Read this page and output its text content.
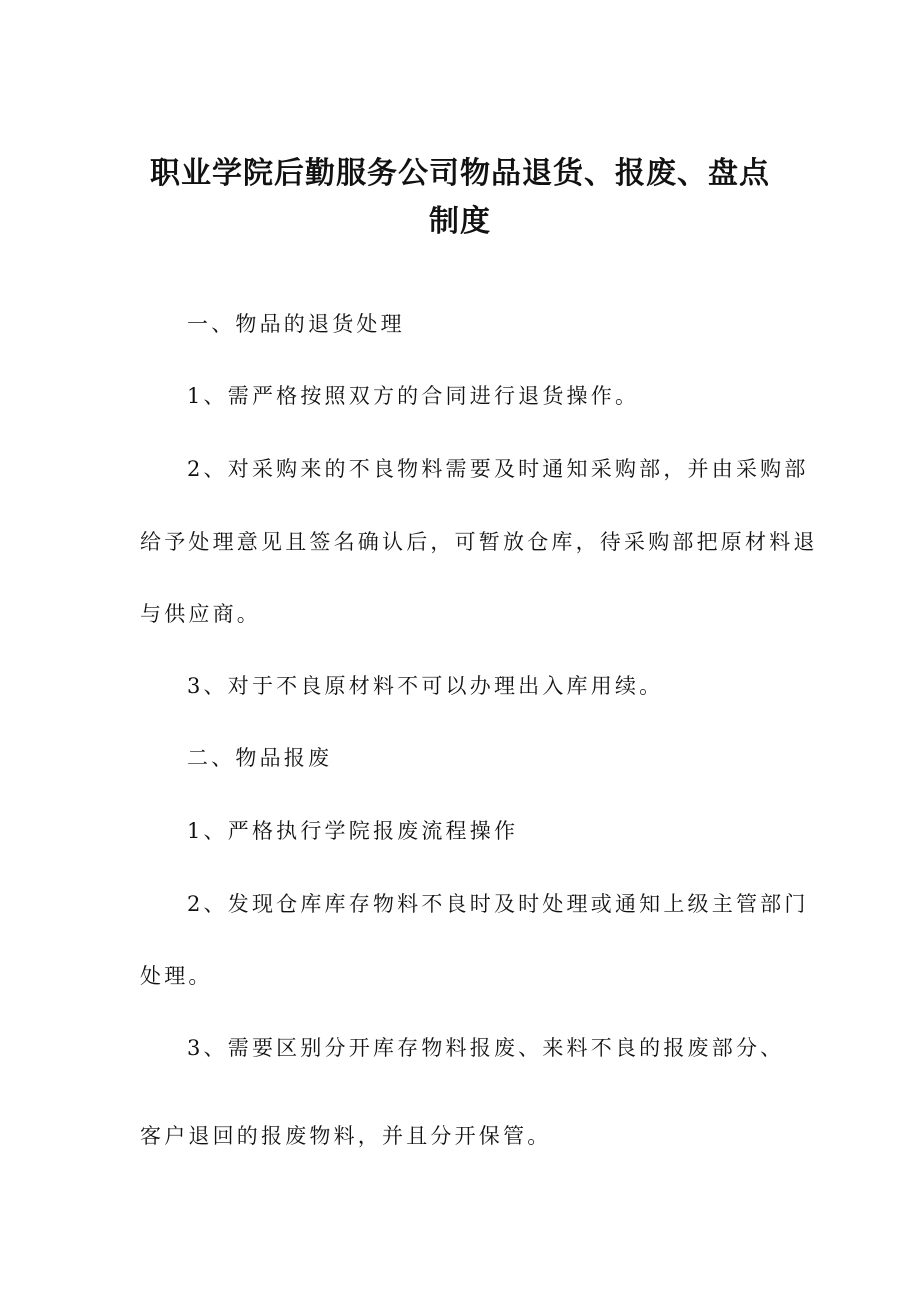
职业学院后勤服务公司物品退货、报废、盘点
制度

一、物品的退货处理

1、需严格按照双方的合同进行退货操作。

2、对采购来的不良物料需要及时通知采购部，并由采购部

给予处理意见且签名确认后，可暂放仓库，待采购部把原材料退

与供应商。

3、对于不良原材料不可以办理出入库用续。

二、物品报废

1、严格执行学院报废流程操作

2、发现仓库库存物料不良时及时处理或通知上级主管部门

处理。

3、需要区别分开库存物料报废、来料不良的报废部分、

客户退回的报废物料，并且分开保管。
